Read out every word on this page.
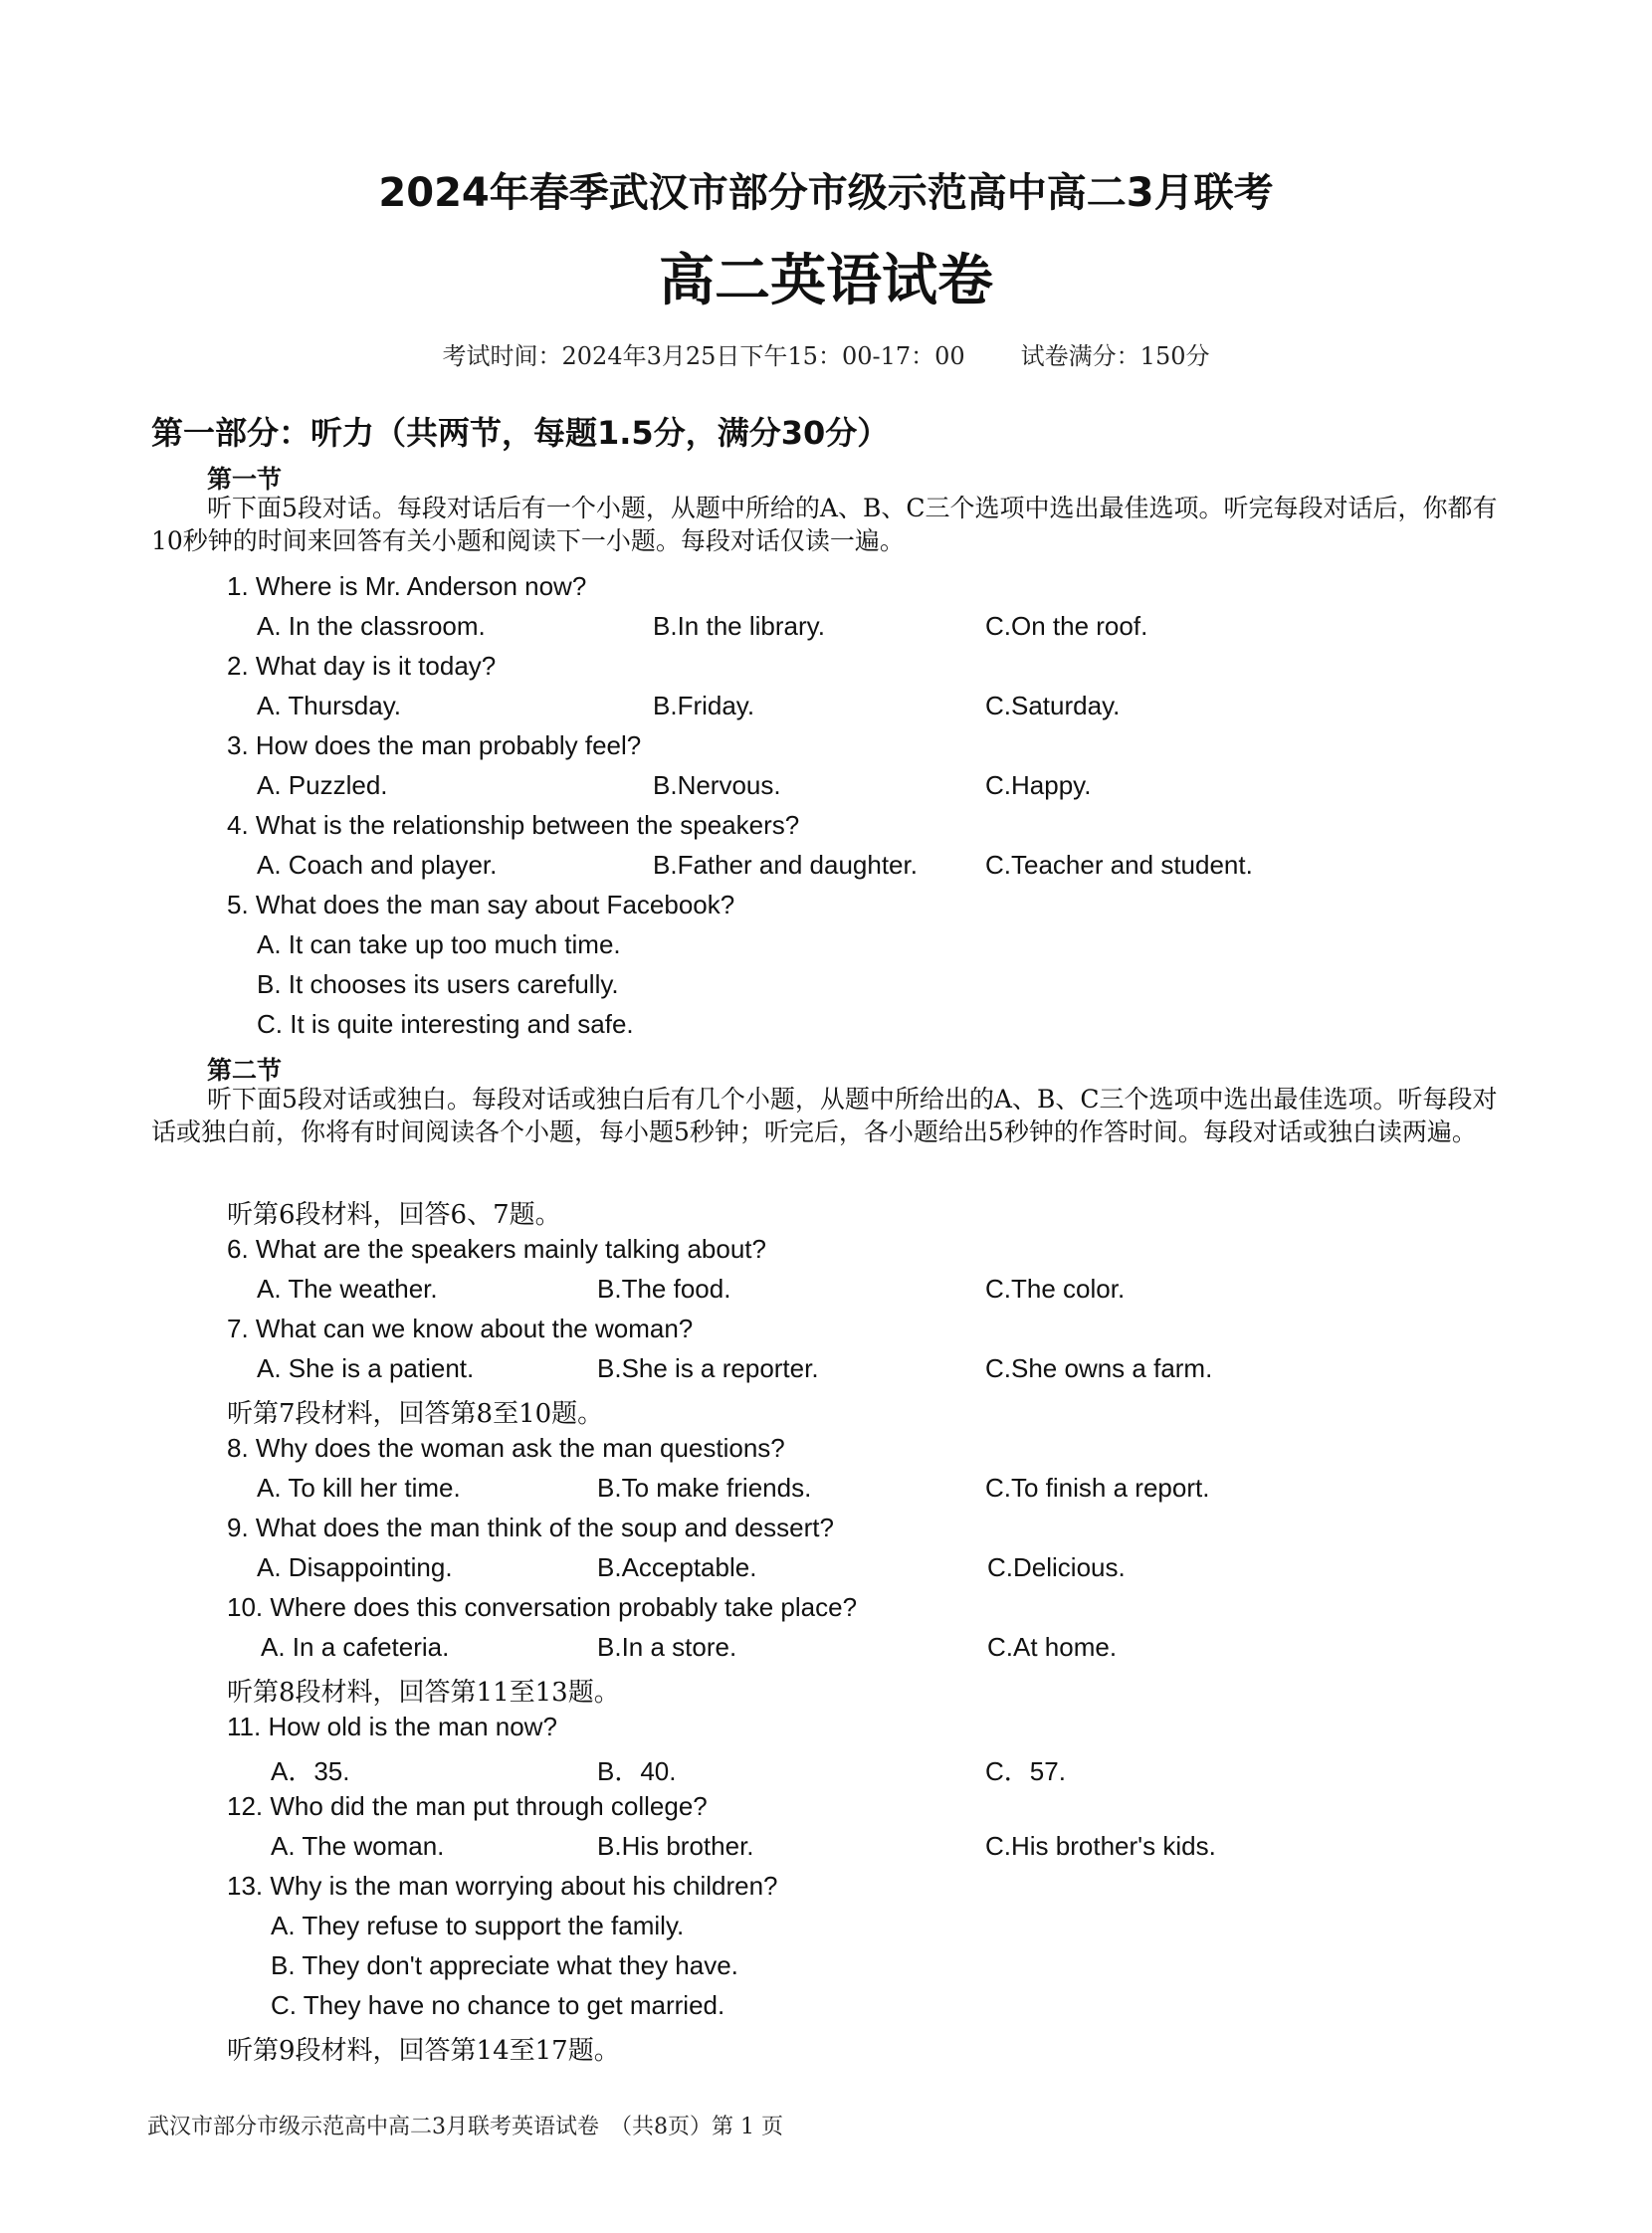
2024年春季武汉市部分市级示范高中高二3月联考
高二英语试卷
考试时间：2024年3月25日下午15：00-17：00 试卷满分：150分
第一部分：听力（共两节，每题1.5分，满分30分）
第一节
听下面5段对话。每段对话后有一个小题，从题中所给的A、B、C三个选项中选出最佳选项。听完每段对话后，你都有10秒钟的时间来回答有关小题和阅读下一小题。每段对话仅读一遍。
1. Where is Mr. Anderson now?
A. In the classroom.	B.In the library.	C.On the roof.
2. What day is it today?
A. Thursday.	B.Friday.	C.Saturday.
3. How does the man probably feel?
A. Puzzled.	B.Nervous.	C.Happy.
4. What is the relationship between the speakers?
A. Coach and player.	B.Father and daughter.	C.Teacher and student.
5. What does the man say about Facebook?
A. It can take up too much time.
B. It chooses its users carefully.
C. It is quite interesting and safe.
第二节
听下面5段对话或独白。每段对话或独白后有几个小题，从题中所给出的A、B、C三个选项中选出最佳选项。听每段对话或独白前，你将有时间阅读各个小题，每小题5秒钟；听完后，各小题给出5秒钟的作答时间。每段对话或独白读两遍。
听第6段材料，回答6、7题。
6. What are the speakers mainly talking about?
A. The weather.	B.The food.	C.The color.
7. What can we know about the woman?
A. She is a patient.	B.She is a reporter.	C.She owns a farm.
听第7段材料，回答第8至10题。
8. Why does the woman ask the man questions?
A. To kill her time.	B.To make friends.	C.To finish a report.
9. What does the man think of the soup and dessert?
A. Disappointing.	B.Acceptable.	C.Delicious.
10. Where does this conversation probably take place?
A. In a cafeteria.	B.In a store.	C.At home.
听第8段材料，回答第11至13题。
11. How old is the man now?
A．35.	B．40.	C．57.
12. Who did the man put through college?
A. The woman.	B.His brother.	C.His brother's kids.
13. Why is the man worrying about his children?
A. They refuse to support the family.
B. They don't appreciate what they have.
C. They have no chance to get married.
听第9段材料，回答第14至17题。
武汉市部分市级示范高中高二3月联考英语试卷　（共8页）第 1 页
